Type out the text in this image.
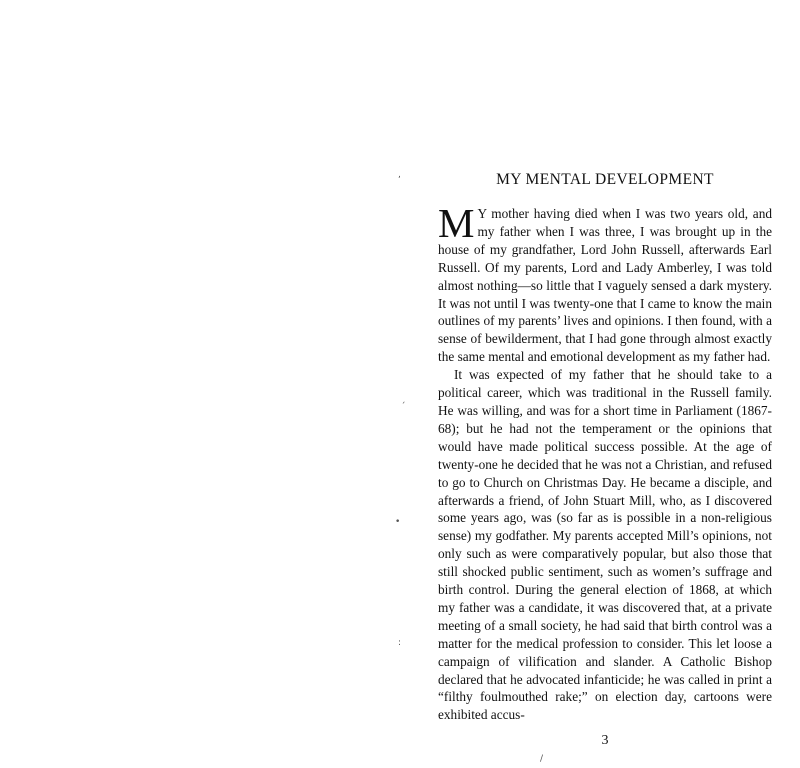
MY MENTAL DEVELOPMENT

M Y mother having died when I was two years old, and my father when I was three, I was brought up in the house of my grandfather, Lord John Russell, afterwards Earl Russell. Of my parents, Lord and Lady Amberley, I was told almost nothing—so little that I vaguely sensed a dark mystery. It was not until I was twenty-one that I came to know the main outlines of my parents’ lives and opinions. I then found, with a sense of bewilderment, that I had gone through almost exactly the same mental and emotional development as my father had.

It was expected of my father that he should take to a political career, which was traditional in the Russell family. He was willing, and was for a short time in Parliament (1867-68); but he had not the temperament or the opinions that would have made political success possible. At the age of twenty-one he decided that he was not a Christian, and refused to go to Church on Christmas Day. He became a disciple, and afterwards a friend, of John Stuart Mill, who, as I discovered some years ago, was (so far as is possible in a non-religious sense) my godfather. My parents accepted Mill’s opinions, not only such as were comparatively popular, but also those that still shocked public sentiment, such as women’s suffrage and birth control. During the general election of 1868, at which my father was a candidate, it was discovered that, at a private meeting of a small society, he had said that birth control was a matter for the medical profession to consider. This let loose a campaign of vilification and slander. A Catholic Bishop declared that he advocated infanticide; he was called in print a “filthy foulmouthed rake;” on election day, cartoons were exhibited accus-

3
,
•
:
´
/
